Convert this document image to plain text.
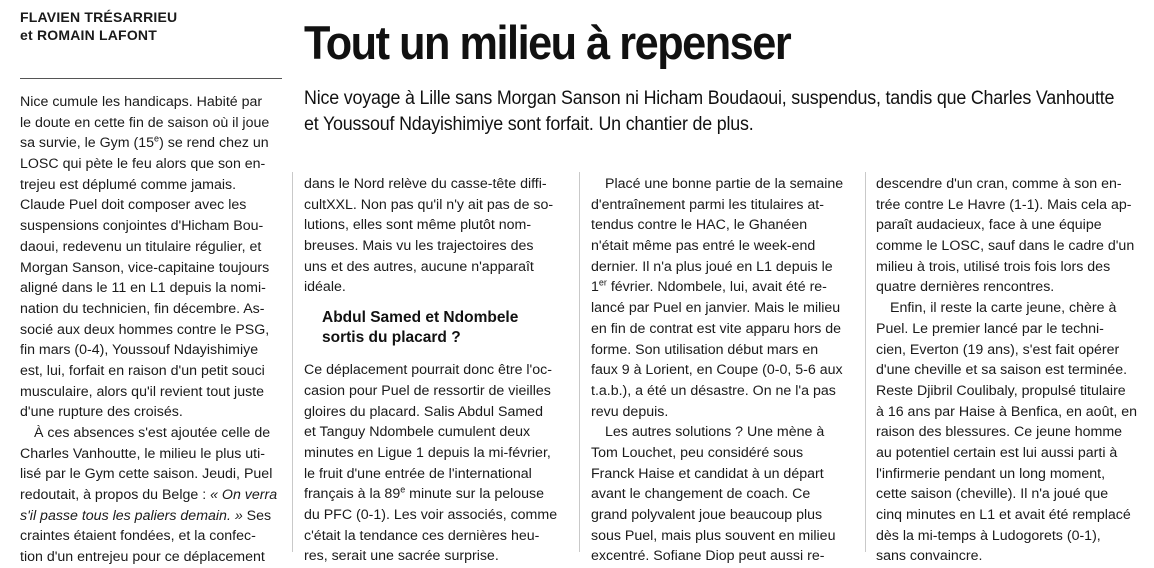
FLAVIEN TRÉSARRIEU
et ROMAIN LAFONT	Tout un milieu à repenser
Nice voyage à Lille sans Morgan Sanson ni Hicham Boudaoui, suspendus, tandis que Charles Vanhoutte
et Youssouf Ndayishimiye sont forfait. Un chantier de plus.
Nice cumule les handicaps. Habité par
le doute en cette fin de saison où il joue
sa survie, le Gym (15e) se rend chez un
LOSC qui pète le feu alors que son en-
trejeu est déplumé comme jamais.
Claude Puel doit composer avec les
suspensions conjointes d'Hicham Bou-
daoui, redevenu un titulaire régulier, et
Morgan Sanson, vice-capitaine toujours
aligné dans le 11 en L1 depuis la nomi-
nation du technicien, fin décembre. As-
socié aux deux hommes contre le PSG,
fin mars (0-4), Youssouf Ndayishimiye
est, lui, forfait en raison d'un petit souci
musculaire, alors qu'il revient tout juste
d'une rupture des croisés.
À ces absences s'est ajoutée celle de
Charles Vanhoutte, le milieu le plus uti-
lisé par le Gym cette saison. Jeudi, Puel
redoutait, à propos du Belge : « On verra
s'il passe tous les paliers demain. » Ses
craintes étaient fondées, et la confec-
tion d'un entrejeu pour ce déplacement
dans le Nord relève du casse-tête diffi-
cultXXL. Non pas qu'il n'y ait pas de so-
lutions, elles sont même plutôt nom-
breuses. Mais vu les trajectoires des
uns et des autres, aucune n'apparaît
idéale.
Abdul Samed et Ndombele
sortis du placard ?
Ce déplacement pourrait donc être l'oc-
casion pour Puel de ressortir de vieilles
gloires du placard. Salis Abdul Samed
et Tanguy Ndombele cumulent deux
minutes en Ligue 1 depuis la mi-février,
le fruit d'une entrée de l'international
français à la 89e minute sur la pelouse
du PFC (0-1). Les voir associés, comme
c'était la tendance ces dernières heu-
res, serait une sacrée surprise.
Placé une bonne partie de la semaine
d'entraînement parmi les titulaires at-
tendus contre le HAC, le Ghanéen
n'était même pas entré le week-end
dernier. Il n'a plus joué en L1 depuis le
1er février. Ndombele, lui, avait été re-
lancé par Puel en janvier. Mais le milieu
en fin de contrat est vite apparu hors de
forme. Son utilisation début mars en
faux 9 à Lorient, en Coupe (0-0, 5-6 aux
t.a.b.), a été un désastre. On ne l'a pas
revu depuis.
Les autres solutions ? Une mène à
Tom Louchet, peu considéré sous
Franck Haise et candidat à un départ
avant le changement de coach. Ce
grand polyvalent joue beaucoup plus
sous Puel, mais plus souvent en milieu
excentré. Sofiane Diop peut aussi re-
descendre d'un cran, comme à son en-
trée contre Le Havre (1-1). Mais cela ap-
paraît audacieux, face à une équipe
comme le LOSC, sauf dans le cadre d'un
milieu à trois, utilisé trois fois lors des
quatre dernières rencontres.
Enfin, il reste la carte jeune, chère à
Puel. Le premier lancé par le techni-
cien, Everton (19 ans), s'est fait opérer
d'une cheville et sa saison est terminée.
Reste Djibril Coulibaly, propulsé titulaire
à 16 ans par Haise à Benfica, en août, en
raison des blessures. Ce jeune homme
au potentiel certain est lui aussi parti à
l'infirmerie pendant un long moment,
cette saison (cheville). Il n'a joué que
cinq minutes en L1 et avait été remplacé
dès la mi-temps à Ludogorets (0-1),
sans convaincre.
